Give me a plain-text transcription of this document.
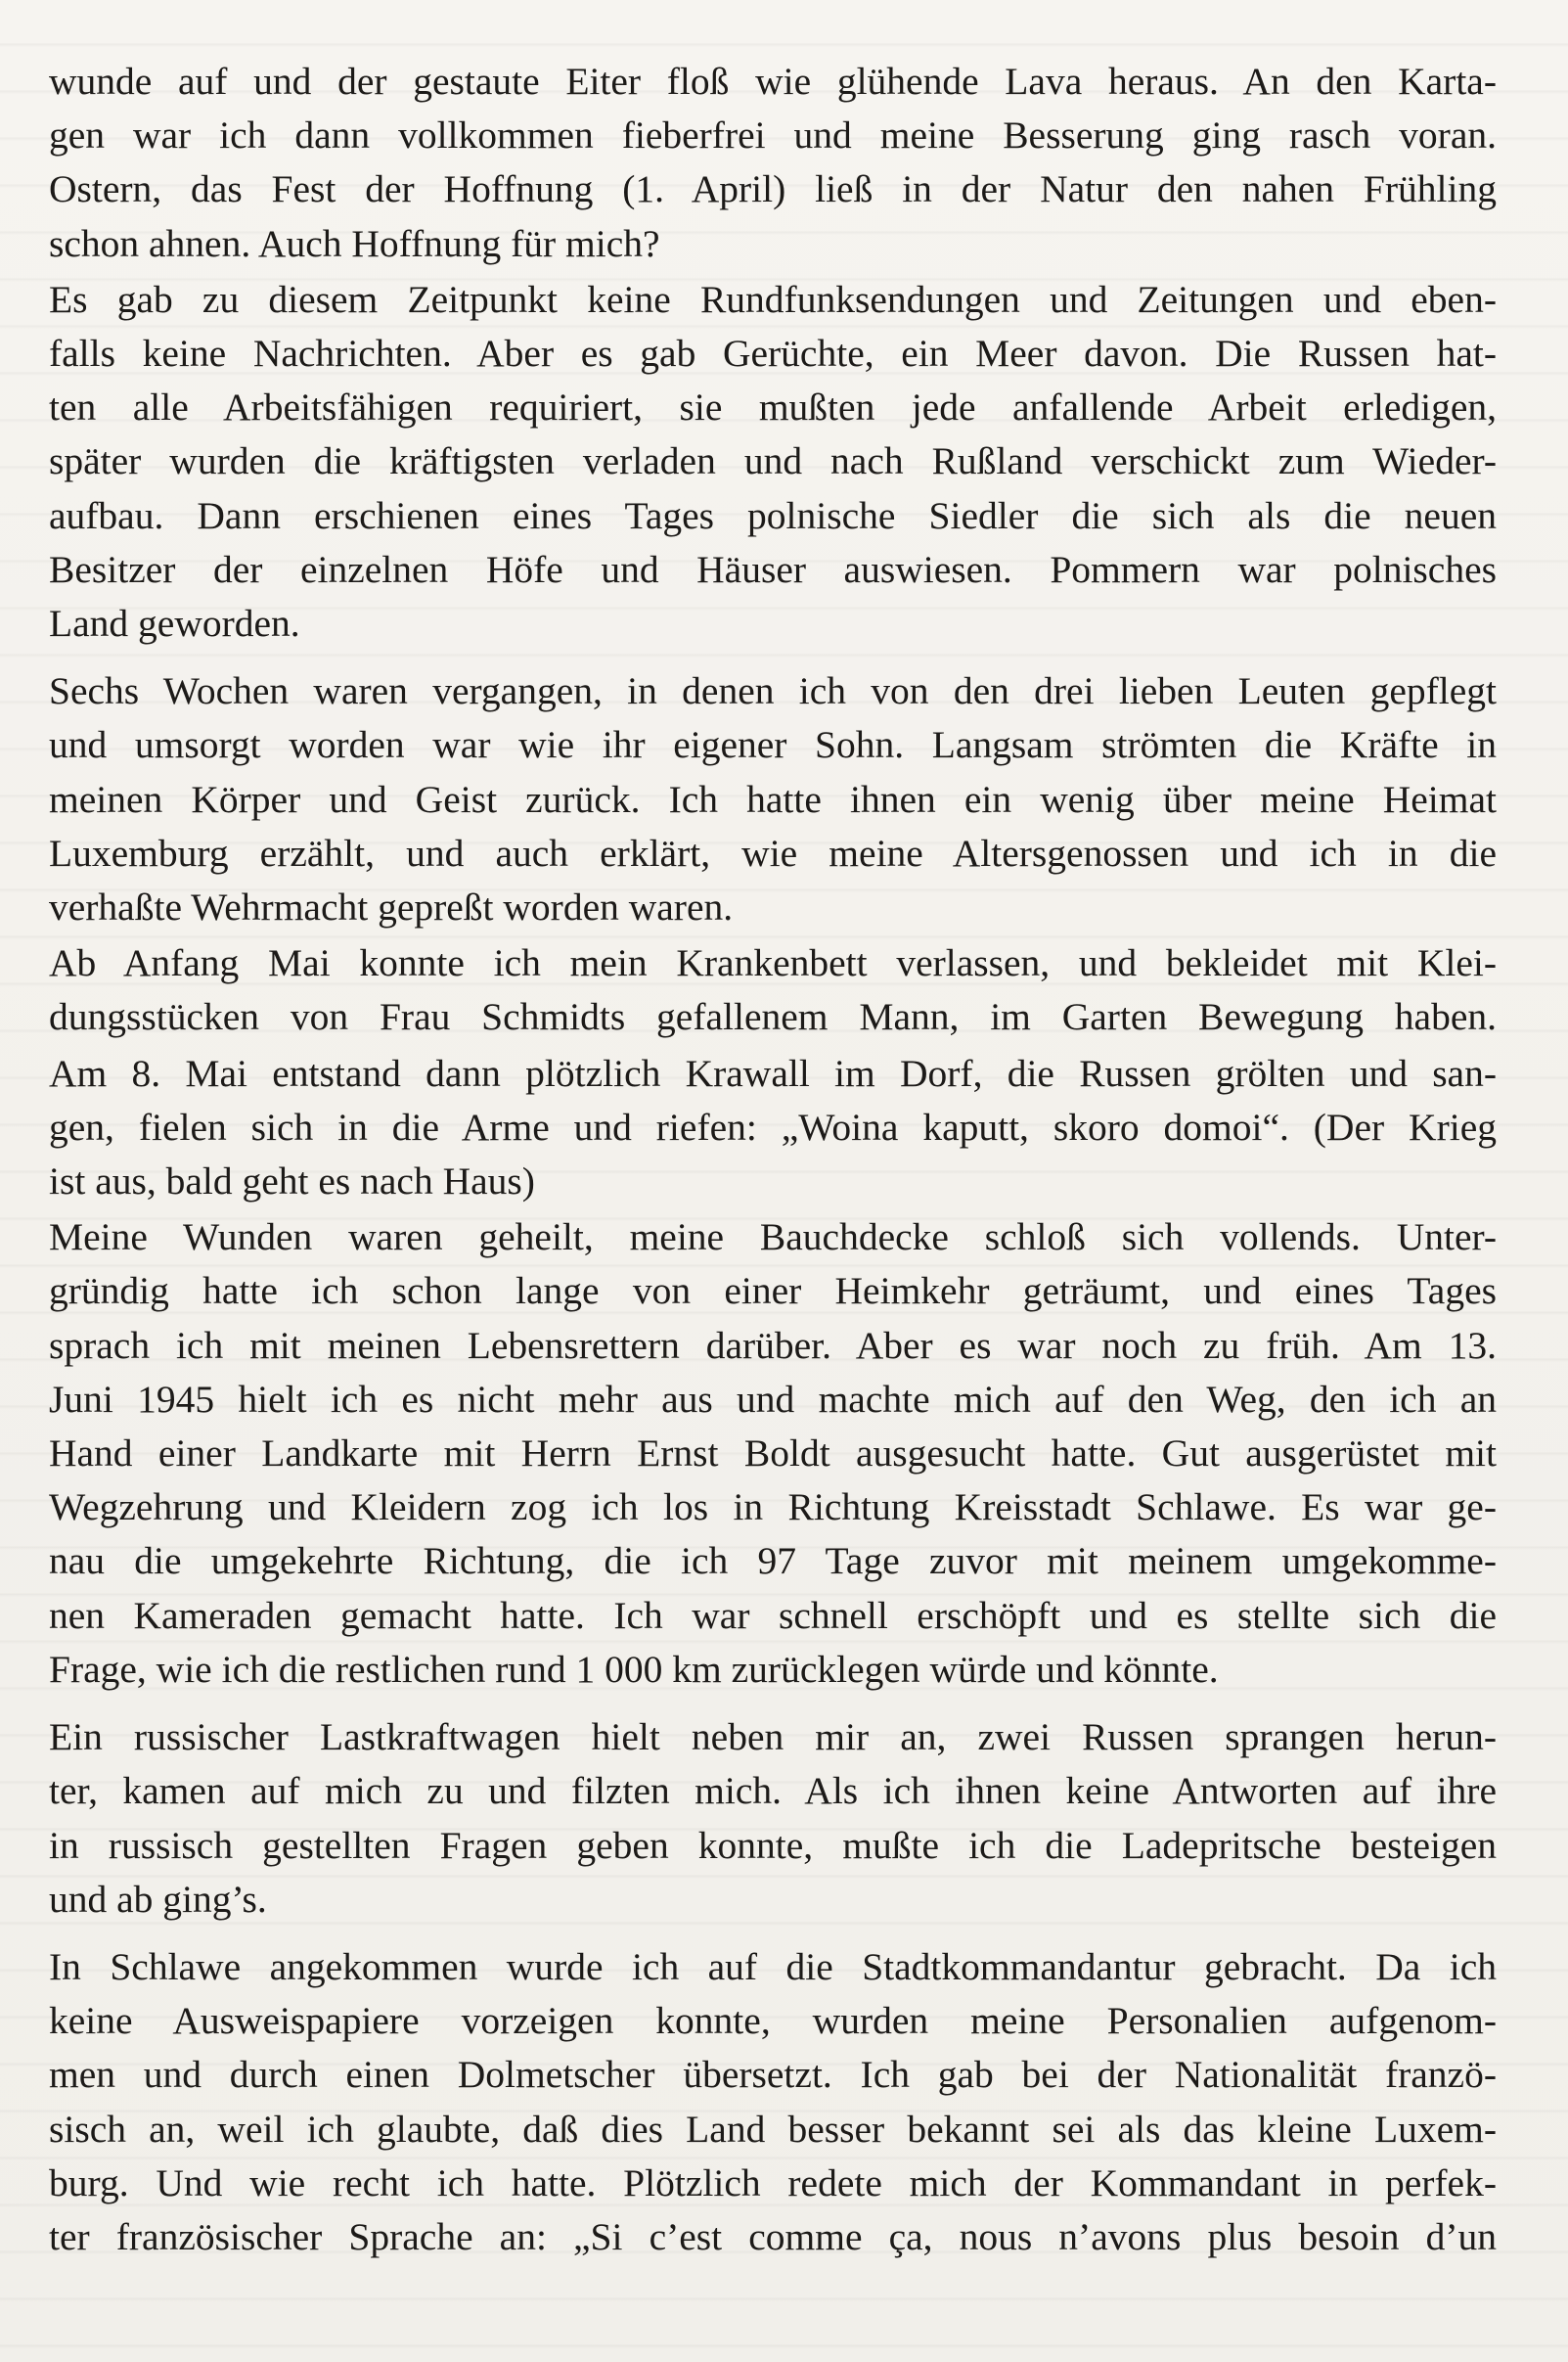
wunde auf und der gestaute Eiter floß wie glühende Lava heraus. An den Karta-
gen war ich dann vollkommen fieberfrei und meine Besserung ging rasch voran.
Ostern, das Fest der Hoffnung (1. April) ließ in der Natur den nahen Frühling
schon ahnen. Auch Hoffnung für mich?
Es gab zu diesem Zeitpunkt keine Rundfunksendungen und Zeitungen und eben-
falls keine Nachrichten. Aber es gab Gerüchte, ein Meer davon. Die Russen hat-
ten alle Arbeitsfähigen requiriert, sie mußten jede anfallende Arbeit erledigen,
später wurden die kräftigsten verladen und nach Rußland verschickt zum Wieder-
aufbau. Dann erschienen eines Tages polnische Siedler die sich als die neuen
Besitzer der einzelnen Höfe und Häuser auswiesen. Pommern war polnisches
Land geworden.
Sechs Wochen waren vergangen, in denen ich von den drei lieben Leuten gepflegt
und umsorgt worden war wie ihr eigener Sohn. Langsam strömten die Kräfte in
meinen Körper und Geist zurück. Ich hatte ihnen ein wenig über meine Heimat
Luxemburg erzählt, und auch erklärt, wie meine Altersgenossen und ich in die
verhaßte Wehrmacht gepreßt worden waren.
Ab Anfang Mai konnte ich mein Krankenbett verlassen, und bekleidet mit Klei-
dungsstücken von Frau Schmidts gefallenem Mann, im Garten Bewegung haben.
Am 8. Mai entstand dann plötzlich Krawall im Dorf, die Russen grölten und san-
gen, fielen sich in die Arme und riefen: „Woina kaputt, skoro domoi“. (Der Krieg
ist aus, bald geht es nach Haus)
Meine Wunden waren geheilt, meine Bauchdecke schloß sich vollends. Unter-
gründig hatte ich schon lange von einer Heimkehr geträumt, und eines Tages
sprach ich mit meinen Lebensrettern darüber. Aber es war noch zu früh. Am 13.
Juni 1945 hielt ich es nicht mehr aus und machte mich auf den Weg, den ich an
Hand einer Landkarte mit Herrn Ernst Boldt ausgesucht hatte. Gut ausgerüstet mit
Wegzehrung und Kleidern zog ich los in Richtung Kreisstadt Schlawe. Es war ge-
nau die umgekehrte Richtung, die ich 97 Tage zuvor mit meinem umgekomme-
nen Kameraden gemacht hatte. Ich war schnell erschöpft und es stellte sich die
Frage, wie ich die restlichen rund 1 000 km zurücklegen würde und könnte.
Ein russischer Lastkraftwagen hielt neben mir an, zwei Russen sprangen herun-
ter, kamen auf mich zu und filzten mich. Als ich ihnen keine Antworten auf ihre
in russisch gestellten Fragen geben konnte, mußte ich die Ladepritsche besteigen
und ab ging’s.
In Schlawe angekommen wurde ich auf die Stadtkommandantur gebracht. Da ich
keine Ausweispapiere vorzeigen konnte, wurden meine Personalien aufgenom-
men und durch einen Dolmetscher übersetzt. Ich gab bei der Nationalität franzö-
sisch an, weil ich glaubte, daß dies Land besser bekannt sei als das kleine Luxem-
burg. Und wie recht ich hatte. Plötzlich redete mich der Kommandant in perfek-
ter französischer Sprache an: „Si c’est comme ça, nous n’avons plus besoin d’un
